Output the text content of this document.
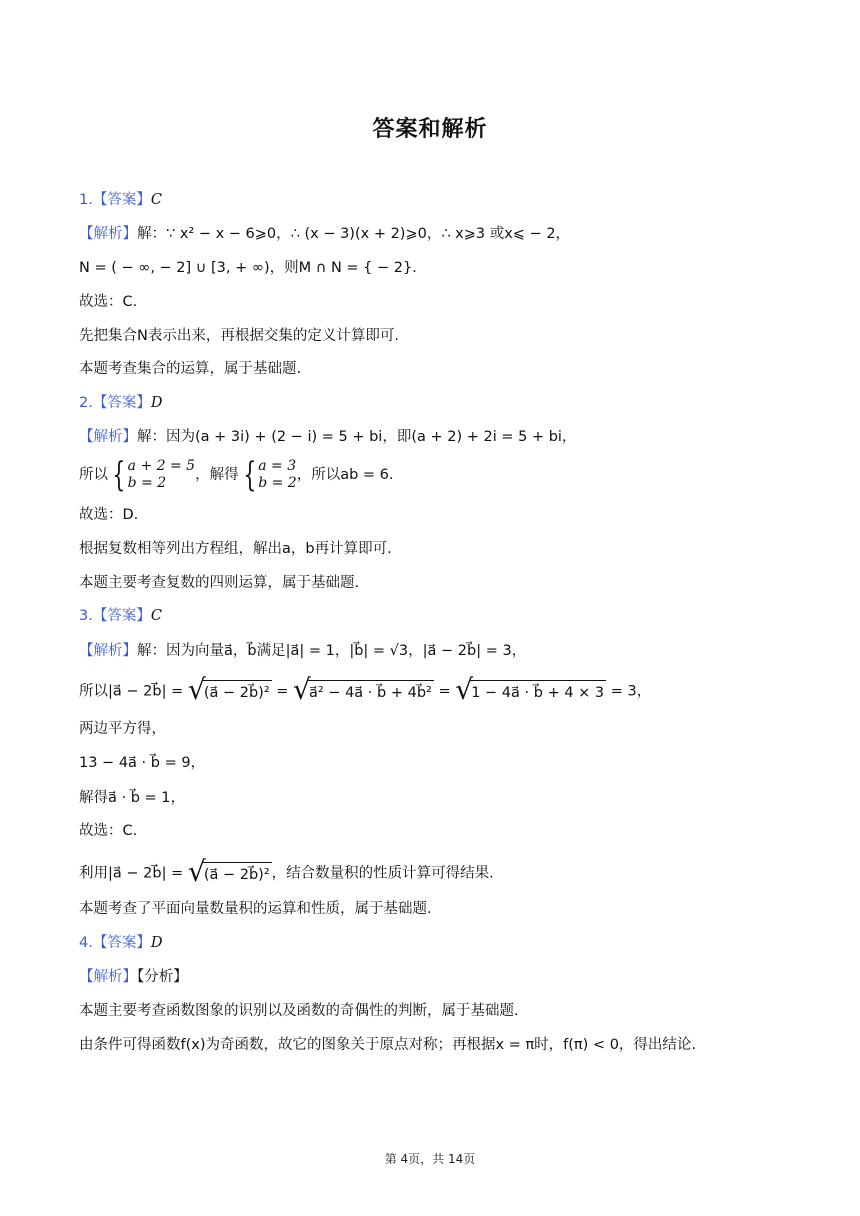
答案和解析
1.【答案】C
【解析】解：∵ x² − x − 6⩾0，∴ (x − 3)(x + 2)⩾0，∴ x⩾3 或x⩽ − 2，
N = ( − ∞, − 2] ∪ [3, + ∞)，则M ∩ N = { − 2}.
故选：C.
先把集合N表示出来，再根据交集的定义计算即可.
本题考查集合的运算，属于基础题.
2.【答案】D
【解析】解：因为(a + 3i) + (2 − i) = 5 + bi，即(a + 2) + 2i = 5 + bi，
所以 { a + 2 = 5
b = 2 ，解得 { a = 3
b = 2，所以ab = 6.
故选：D.
根据复数相等列出方程组，解出a，b再计算即可.
本题主要考查复数的四则运算，属于基础题.
3.【答案】C
【解析】解：因为向量a⃗，b⃗满足|a⃗| = 1，|b⃗| = √3，|a⃗ − 2b⃗| = 3，
所以|a⃗ − 2b⃗| = √
(a⃗ − 2b⃗)² = √
a⃗² − 4a⃗ · b⃗ + 4b⃗² = √
1 − 4a⃗ · b⃗ + 4 × 3 = 3，
两边平方得，
13 − 4a⃗ · b⃗ = 9，
解得a⃗ · b⃗ = 1，
故选：C.
利用|a⃗ − 2b⃗| = √
(a⃗ − 2b⃗)² ，结合数量积的性质计算可得结果.
本题考查了平面向量数量积的运算和性质，属于基础题.
4.【答案】D
【解析】【分析】
本题主要考查函数图象的识别以及函数的奇偶性的判断，属于基础题.
由条件可得函数f(x)为奇函数，故它的图象关于原点对称；再根据x = π时，f(π) < 0，得出结论.
第 4页，共 14页
